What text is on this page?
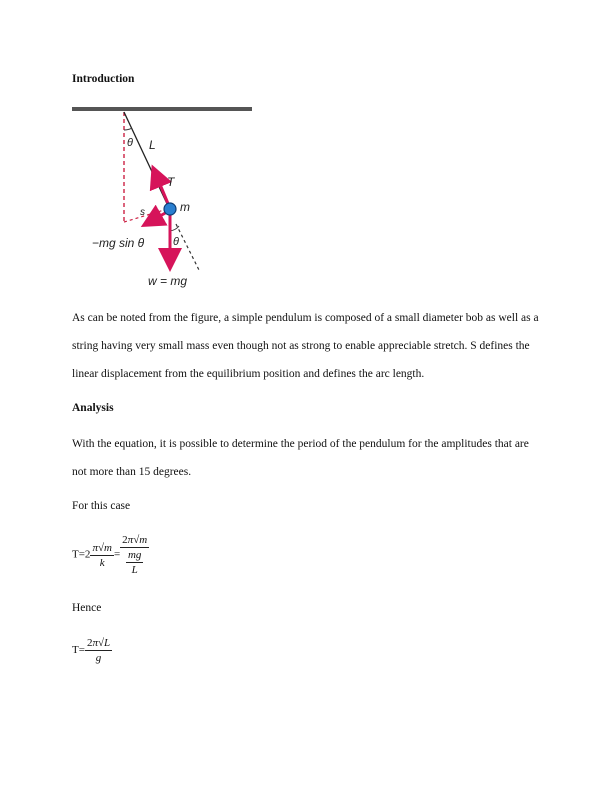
Introduction
θ L
T
m
s
θ
−mg sin θ
w = mg
As can be noted from the figure, a simple pendulum is composed of a small diameter bob as well as a string having very small mass even though not as strong to enable appreciable stretch. S defines the linear displacement from the equilibrium position and defines the arc length.
Analysis
With the equation, it is possible to determine the period of the pendulum for the amplitudes that are not more than 15 degrees.
For this case
$T=2 \frac{\pi√m}{k} = \frac{2\pi√m}{\frac{mg}{L}}$
Hence
$T= \frac{2\pi√L}{g}$
